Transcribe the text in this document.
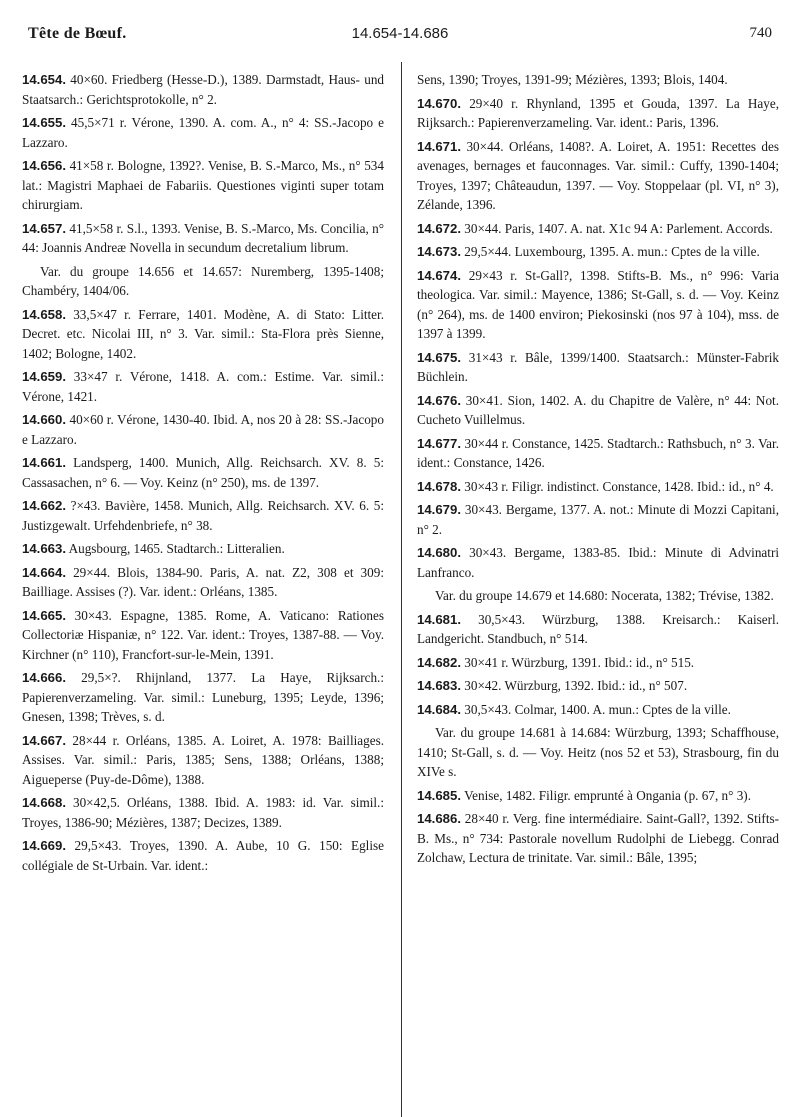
Tête de Bœuf.	14.654-14.686	740

14.654. 40×60. Friedberg (Hesse-D.), 1389. Darmstadt, Haus- und Staatsarch.: Gerichtsprotokolle, n° 2.

14.655. 45,5×71 r. Vérone, 1390. A. com. A., n° 4: SS.-Jacopo e Lazzaro.

14.656. 41×58 r. Bologne, 1392?. Venise, B. S.-Marco, Ms., n° 534 lat.: Magistri Maphaei de Fabariis. Questiones viginti super totam chirurgiam.

14.657. 41,5×58 r. S.l., 1393. Venise, B. S.-Marco, Ms. Concilia, n° 44: Joannis Andreæ Novella in secundum decretalium librum.

Var. du groupe 14.656 et 14.657: Nuremberg, 1395-1408; Chambéry, 1404/06.

14.658. 33,5×47 r. Ferrare, 1401. Modène, A. di Stato: Litter. Decret. etc. Nicolai III, n° 3. Var. simil.: Sta-Flora près Sienne, 1402; Bologne, 1402.

14.659. 33×47 r. Vérone, 1418. A. com.: Estime. Var. simil.: Vérone, 1421.

14.660. 40×60 r. Vérone, 1430-40. Ibid. A, nos 20 à 28: SS.-Jacopo e Lazzaro.

14.661. Landsperg, 1400. Munich, Allg. Reichsarch. XV. 8. 5: Cassasachen, n° 6. — Voy. Keinz (n° 250), ms. de 1397.

14.662. ?×43. Bavière, 1458. Munich, Allg. Reichsarch. XV. 6. 5: Justizgewalt. Urfehdenbriefe, n° 38.

14.663. Augsbourg, 1465. Stadtarch.: Litteralien.

14.664. 29×44. Blois, 1384-90. Paris, A. nat. Z2, 308 et 309: Bailliage. Assises (?). Var. ident.: Orléans, 1385.

14.665. 30×43. Espagne, 1385. Rome, A. Vaticano: Rationes Collectoriæ Hispaniæ, n° 122. Var. ident.: Troyes, 1387-88. — Voy. Kirchner (n° 110), Francfort-sur-le-Mein, 1391.

14.666. 29,5×?. Rhijnland, 1377. La Haye, Rijksarch.: Papierenverzameling. Var. simil.: Luneburg, 1395; Leyde, 1396; Gnesen, 1398; Trèves, s. d.

14.667. 28×44 r. Orléans, 1385. A. Loiret, A. 1978: Bailliages. Assises. Var. simil.: Paris, 1385; Sens, 1388; Orléans, 1388; Aigueperse (Puy-de-Dôme), 1388.

14.668. 30×42,5. Orléans, 1388. Ibid. A. 1983: id. Var. simil.: Troyes, 1386-90; Mézières, 1387; Decizes, 1389.

14.669. 29,5×43. Troyes, 1390. A. Aube, 10 G. 150: Eglise collégiale de St-Urbain. Var. ident.:

Sens, 1390; Troyes, 1391-99; Mézières, 1393; Blois, 1404.

14.670. 29×40 r. Rhynland, 1395 et Gouda, 1397. La Haye, Rijksarch.: Papierenverzameling. Var. ident.: Paris, 1396.

14.671. 30×44. Orléans, 1408?. A. Loiret, A. 1951: Recettes des avenages, bernages et fauconnages. Var. simil.: Cuffy, 1390-1404; Troyes, 1397; Châteaudun, 1397. — Voy. Stoppelaar (pl. VI, n° 3), Zélande, 1396.

14.672. 30×44. Paris, 1407. A. nat. X1c 94 A: Parlement. Accords.

14.673. 29,5×44. Luxembourg, 1395. A. mun.: Cptes de la ville.

14.674. 29×43 r. St-Gall?, 1398. Stifts-B. Ms., n° 996: Varia theologica. Var. simil.: Mayence, 1386; St-Gall, s. d. — Voy. Keinz (n° 264), ms. de 1400 environ; Piekosinski (nos 97 à 104), mss. de 1397 à 1399.

14.675. 31×43 r. Bâle, 1399/1400. Staatsarch.: Münster-Fabrik Büchlein.

14.676. 30×41. Sion, 1402. A. du Chapitre de Valère, n° 44: Not. Cucheto Vuillelmus.

14.677. 30×44 r. Constance, 1425. Stadtarch.: Rathsbuch, n° 3. Var. ident.: Constance, 1426.

14.678. 30×43 r. Filigr. indistinct. Constance, 1428. Ibid.: id., n° 4.

14.679. 30×43. Bergame, 1377. A. not.: Minute di Mozzi Capitani, n° 2.

14.680. 30×43. Bergame, 1383-85. Ibid.: Minute di Advinatri Lanfranco.

Var. du groupe 14.679 et 14.680: Nocerata, 1382; Trévise, 1382.

14.681. 30,5×43. Würzburg, 1388. Kreisarch.: Kaiserl. Landgericht. Standbuch, n° 514.

14.682. 30×41 r. Würzburg, 1391. Ibid.: id., n° 515.

14.683. 30×42. Würzburg, 1392. Ibid.: id., n° 507.

14.684. 30,5×43. Colmar, 1400. A. mun.: Cptes de la ville.

Var. du groupe 14.681 à 14.684: Würzburg, 1393; Schaffhouse, 1410; St-Gall, s. d. — Voy. Heitz (nos 52 et 53), Strasbourg, fin du XIVe s.

14.685. Venise, 1482. Filigr. emprunté à Ongania (p. 67, n° 3).

14.686. 28×40 r. Verg. fine intermédiaire. Saint-Gall?, 1392. Stifts-B. Ms., n° 734: Pastorale novellum Rudolphi de Liebegg. Conrad Zolchaw, Lectura de trinitate. Var. simil.: Bâle, 1395;
